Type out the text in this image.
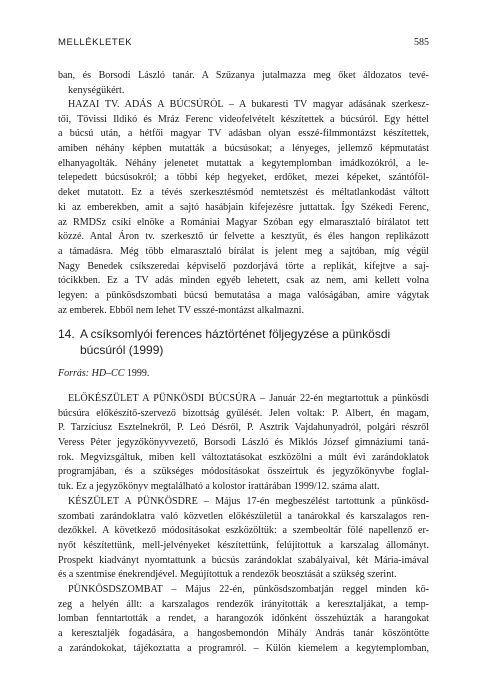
MELLÉKLETEK	585
ban, és Borsodi László tanár. A Szűzanya jutalmazza meg őket áldozatos tevé-
kenységükért.
HAZAI TV. ADÁS A BÚCSÚRÓL – A bukaresti TV magyar adásának szerkesz-
tői, Tövissi Ildikó és Mráz Ferenc videofelvételt készítettek a búcsúról. Egy héttel
a búcsú után, a hétfői magyar TV adásban olyan esszé-filmmontázst készítettek,
amiben néhány képben mutatták a búcsúsokat; a lényeges, jellemző képmutatást
elhanyagolták. Néhány jelenetet mutattak a kegytemplomban imádkozókról, a le-
telepedett búcsúsokról; a többi kép hegyeket, erdőket, mezei képeket, szántóföl-
deket mutatott. Ez a tévés szerkesztésmód nemtetszést és méltatlankodást váltott
ki az emberekben, amit a sajtó hasábjain kifejezésre juttattak. Így Székedi Ferenc,
az RMDSz csíki elnöke a Romániai Magyar Szóban egy elmarasztaló bírálatot tett
közzé. Antal Áron tv. szerkesztő úr felvette a kesztyűt, és éles hangon replikázott
a támadásra. Még több elmarasztaló bírálat is jelent meg a sajtóban, míg végül
Nagy Benedek csíkszeredai képviselő pozdorjává törte a replikát, kifejtve a saj-
tócikkben. Ez a TV adás minden egyéb lehetett, csak az nem, ami kellett volna
legyen: a pünkösdszombati búcsú bemutatása a maga valóságában, amire vágytak
az emberek. Ebből nem lehet TV esszé-montázst alkalmazni.
14. A csíksomlyói ferences háztörténet följegyzése a pünkösdi
búcsúról (1999)
Forrás: HD–CC 1999.
ELŐKÉSZÜLET A PÜNKÖSDI BÚCSÚRA – Január 22-én megtartottuk a pünkösdi
búcsúra előkészítő-szervező bizottság gyűlését. Jelen voltak: P. Albert, én magam,
P. Tarzíciusz Esztelnekről, P. Leó Désről, P. Asztrik Vajdahunyadról, polgári részről
Veress Péter jegyzőkönyvvezető, Borsodi László és Miklós József gimnáziumi taná-
rok. Megvizsgáltuk, miben kell változtatásokat eszközölni a múlt évi zarándoklatok
programjában, és a szükséges módosításokat összeírtuk és jegyzőkönyvbe foglal-
tuk. Ez a jegyzőkönyv megtalálható a kolostor irattárában 1999/12. száma alatt.
KÉSZÜLET A PÜNKÖSDRE – Május 17-én megbeszélést tartottunk a pünkösd-
szombati zarándoklatra való közvetlen előkészületül a tanárokkal és karszalagos ren-
dezőkkel. A következő módosításokat eszközöltük: a szembeoltár fölé napellenző er-
nyőt készítettünk, mell-jelvényeket készítettünk, felújítottuk a karszalag állományt.
Prospekt kiadványt nyomtattunk a búcsús zarándoklat szabályaival, két Mária-imával
és a szentmise énekrendjével. Megújítottuk a rendezők beosztását a szükség szerint.
PÜNKÖSDSZOMBAT – Május 22-én, pünkösdszombatján reggel minden kö-
zeg a helyén állt: a karszalagos rendezők irányították a keresztaljákat, a temp-
lomban fenntartották a rendet, a harangozók időnként összehúzták a harangokat
a keresztaljék fogadására, a hangosbemondón Mihály András tanár köszöntötte
a zarándokokat, tájékoztatta a programról. – Külön kiemelem a kegytemplomban,
